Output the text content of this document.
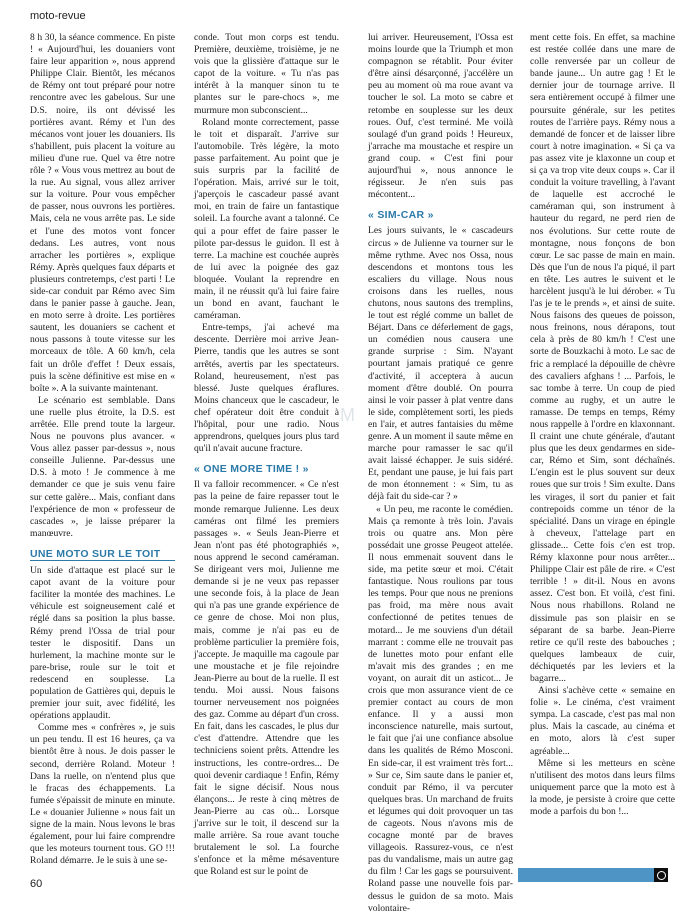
moto-revue

8 h 30, la séance commence. En piste ! « Aujourd'hui, les douaniers vont faire leur apparition », nous apprend Philippe Clair. Bientôt, les mécanos de Rémy ont tout préparé pour notre rencontre avec les gabelous. Sur une D.S. noire, ils ont dévissé les portières avant. Rémy et l'un des mécanos vont jouer les douaniers. Ils s'habillent, puis placent la voiture au milieu d'une rue. Quel va être notre rôle ? « Vous vous mettrez au bout de la rue. Au signal, vous allez arriver sur la voiture. Pour vous empêcher de passer, nous ouvrons les portières. Mais, cela ne vous arrête pas. Le side et l'une des motos vont foncer dedans. Les autres, vont nous arracher les portières », explique Rémy. Après quelques faux départs et plusieurs contretemps, c'est parti ! Le side-car conduit par Rémo avec Sim dans le panier passe à gauche. Jean, en moto serre à droite. Les portières sautent, les douaniers se cachent et nous passons à toute vitesse sur les morceaux de tôle. A 60 km/h, cela fait un drôle d'effet ! Deux essais, puis la scène définitive est mise en « boîte ». A la suivante maintenant.

Le scénario est semblable. Dans une ruelle plus étroite, la D.S. est arrêtée. Elle prend toute la largeur. Nous ne pouvons plus avancer. « Vous allez passer par-dessus », nous conseille Julienne. Par-dessus une D.S. à moto ! Je commence à me demander ce que je suis venu faire sur cette galère... Mais, confiant dans l'expérience de mon « professeur de cascades », je laisse préparer la manœuvre.

UNE MOTO SUR LE TOIT

Un side d'attaque est placé sur le capot avant de la voiture pour faciliter la montée des machines. Le véhicule est soigneusement calé et réglé dans sa position la plus basse. Rémy prend l'Ossa de trial pour tester le dispositif. Dans un hurlement, la machine monte sur le pare-brise, roule sur le toit et redescend en souplesse. La population de Gattières qui, depuis le premier jour suit, avec fidélité, les opérations applaudit.

Comme mes « confrères », je suis un peu tendu. Il est 16 heures, ça va bientôt être à nous. Je dois passer le second, derrière Roland. Moteur ! Dans la ruelle, on n'entend plus que le fracas des échappements. La fumée s'épaissit de minute en minute. Le « douanier Julienne » nous fait un signe de la main. Nous levons le bras également, pour lui faire comprendre que les moteurs tournent tous. GO !!! Roland démarre. Je le suis à une se-

conde. Tout mon corps est tendu. Première, deuxième, troisième, je ne vois que la glissière d'attaque sur le capot de la voiture. « Tu n'as pas intérêt à la manquer sinon tu te plantes sur le pare-chocs », me murmure mon subconscient...

Roland monte correctement, passe le toit et disparaît. J'arrive sur l'automobile. Très légère, la moto passe parfaitement. Au point que je suis surpris par la facilité de l'opération. Mais, arrivé sur le toit, j'aperçois le cascadeur passé avant moi, en train de faire un fantastique soleil. La fourche avant a talonné. Ce qui a pour effet de faire passer le pilote par-dessus le guidon. Il est à terre. La machine est couchée auprès de lui avec la poignée des gaz bloquée. Voulant la reprendre en main, il ne réussit qu'à lui faire faire un bond en avant, fauchant le caméraman.

Entre-temps, j'ai achevé ma descente. Derrière moi arrive Jean-Pierre, tandis que les autres se sont arrêtés, avertis par les spectateurs. Roland, heureusement, n'est pas blessé. Juste quelques éraflures. Moins chanceux que le cascadeur, le chef opérateur doit être conduit à l'hôpital, pour une radio. Nous apprendrons, quelques jours plus tard qu'il n'avait aucune fracture.

« ONE MORE TIME ! »

Il va falloir recommencer. « Ce n'est pas la peine de faire repasser tout le monde remarque Julienne. Les deux caméras ont filmé les premiers passages ». « Seuls Jean-Pierre et Jean n'ont pas été photographiés », nous apprend le second caméraman. Se dirigeant vers moi, Julienne me demande si je ne veux pas repasser une seconde fois, à la place de Jean qui n'a pas une grande expérience de ce genre de chose. Moi non plus, mais, comme je n'ai pas eu de problème particulier la première fois, j'accepte. Je maquille ma cagoule par une moustache et je file rejoindre Jean-Pierre au bout de la ruelle. Il est tendu. Moi aussi. Nous faisons tourner nerveusement nos poignées des gaz. Comme au départ d'un cross. En fait, dans les cascades, le plus dur c'est d'attendre. Attendre que les techniciens soient prêts. Attendre les instructions, les contre-ordres... De quoi devenir cardiaque ! Enfin, Rémy fait le signe décisif. Nous nous élançons... Je reste à cinq mètres de Jean-Pierre au cas où... Lorsque j'arrive sur le toit, il descend sur la malle arrière. Sa roue avant touche brutalement le sol. La fourche s'enfonce et la même mésaventure que Roland est sur le point de

M

lui arriver. Heureusement, l'Ossa est moins lourde que la Triumph et mon compagnon se rétablit. Pour éviter d'être ainsi désarçonné, j'accélère un peu au moment où ma roue avant va toucher le sol. La moto se cabre et retombe en souplesse sur les deux roues. Ouf, c'est terminé. Me voilà soulagé d'un grand poids ! Heureux, j'arrache ma moustache et respire un grand coup. « C'est fini pour aujourd'hui », nous annonce le régisseur. Je n'en suis pas mécontent...

« SIM-CAR »

Les jours suivants, le « cascadeurs circus » de Julienne va tourner sur le même rythme. Avec nos Ossa, nous descendons et montons tous les escaliers du village. Nous nous croisons dans les ruelles, nous chutons, nous sautons des tremplins, le tout est réglé comme un ballet de Béjart. Dans ce déferlement de gags, un comédien nous causera une grande surprise : Sim. N'ayant pourtant jamais pratiqué ce genre d'activité, il acceptera à aucun moment d'être doublé. On pourra ainsi le voir passer à plat ventre dans le side, complètement sorti, les pieds en l'air, et autres fantaisies du même genre. A un moment il saute même en marche pour ramasser le sac qu'il avait laissé échapper. Je suis sidéré. Et, pendant une pause, je lui fais part de mon étonnement : « Sim, tu as déjà fait du side-car ? »

« Un peu, me raconte le comédien. Mais ça remonte à très loin. J'avais trois ou quatre ans. Mon père possédait une grosse Peugeot attelée. Il nous emmenait souvent dans le side, ma petite sœur et moi. C'était fantastique. Nous roulions par tous les temps. Pour que nous ne prenions pas froid, ma mère nous avait confectionné de petites tenues de motard... Je me souviens d'un détail marrant : comme elle ne trouvait pas de lunettes moto pour enfant elle m'avait mis des grandes ; en me voyant, on aurait dit un asticot... Je crois que mon assurance vient de ce premier contact au cours de mon enfance. Il y a aussi mon inconscience naturelle, mais surtout, le fait que j'ai une confiance absolue dans les qualités de Rémo Mosconi. En side-car, il est vraiment très fort... » Sur ce, Sim saute dans le panier et, conduit par Rémo, il va percuter quelques bras. Un marchand de fruits et légumes qui doit provoquer un tas de cageots. Nous n'avons mis de cocagne monté par de braves villageois. Rassurez-vous, ce n'est pas du vandalisme, mais un autre gag du film ! Car les gags se poursuivent. Roland passe une nouvelle fois par-dessus le guidon de sa moto. Mais volontaire-

ment cette fois. En effet, sa machine est restée collée dans une mare de colle renversée par un colleur de bande jaune... Un autre gag ! Et le dernier jour de tournage arrive. Il sera entièrement occupé à filmer une poursuite générale, sur les petites routes de l'arrière pays. Rémy nous a demandé de foncer et de laisser libre court à notre imagination. « Si ça va pas assez vite je klaxonne un coup et si ça va trop vite deux coups ». Car il conduit la voiture travelling, à l'avant de laquelle est accroché le caméraman qui, son instrument à hauteur du regard, ne perd rien de nos évolutions. Sur cette route de montagne, nous fonçons de bon cœur. Le sac passe de main en main. Dès que l'un de nous l'a piqué, il part en tête. Les autres le suivent et le harcèlent jusqu'à le lui dérober. « Tu l'as je te le prends », et ainsi de suite. Nous faisons des queues de poisson, nous freinons, nous dérapons, tout cela à près de 80 km/h ! C'est une sorte de Bouzkachi à moto. Le sac de fric a remplacé la dépouille de chèvre des cavaliers afghans ! ... Parfois, le sac tombe à terre. Un coup de pied comme au rugby, et un autre le ramasse. De temps en temps, Rémy nous rappelle à l'ordre en klaxonnant. Il craint une chute générale, d'autant plus que les deux gendarmes en side-car, Rémo et Sim, sont déchaînés. L'engin est le plus souvent sur deux roues que sur trois ! Sim exulte. Dans les virages, il sort du panier et fait contrepoids comme un ténor de la spécialité. Dans un virage en épingle à cheveux, l'attelage part en glissade... Cette fois c'en est trop. Rémy klaxonne pour nous arrêter... Philippe Clair est pâle de rire. « C'est terrible ! » dit-il. Nous en avons assez. C'est bon. Et voilà, c'est fini. Nous nous rhabillons. Roland ne dissimule pas son plaisir en se séparant de sa barbe. Jean-Pierre retire ce qu'il reste des babouches ; quelques lambeaux de cuir, déchiquetés par les leviers et la bagarre...

Ainsi s'achève cette « semaine en folie ». Le cinéma, c'est vraiment sympa. La cascade, c'est pas mal non plus. Mais la cascade, au cinéma et en moto, alors là c'est super agréable...

Même si les metteurs en scène n'utilisent des motos dans leurs films uniquement parce que la moto est à la mode, je persiste à croire que cette mode a parfois du bon !...

60
